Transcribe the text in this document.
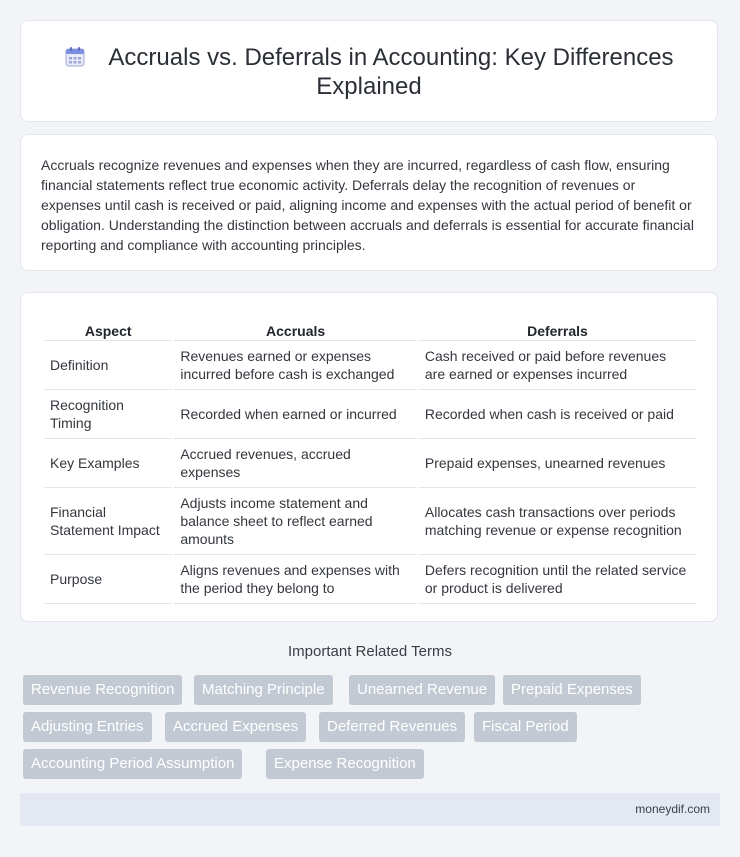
Accruals vs. Deferrals in Accounting: Key Differences
Explained

Accruals recognize revenues and expenses when they are incurred, regardless of cash flow, ensuring financial statements reflect true economic activity. Deferrals delay the recognition of revenues or expenses until cash is received or paid, aligning income and expenses with the actual period of benefit or obligation. Understanding the distinction between accruals and deferrals is essential for accurate financial reporting and compliance with accounting principles.

Aspect	Accruals	Deferrals
Definition	Revenues earned or expenses incurred before cash is exchanged	Cash received or paid before revenues are earned or expenses incurred
Recognition Timing	Recorded when earned or incurred	Recorded when cash is received or paid
Key Examples	Accrued revenues, accrued expenses	Prepaid expenses, unearned revenues
Financial Statement Impact	Adjusts income statement and balance sheet to reflect earned amounts	Allocates cash transactions over periods matching revenue or expense recognition
Purpose	Aligns revenues and expenses with the period they belong to	Defers recognition until the related service or product is delivered
Important Related Terms
Revenue Recognition	Matching Principle	Unearned Revenue	Prepaid Expenses
Adjusting Entries	Accrued Expenses	Deferred Revenues	Fiscal Period
Accounting Period Assumption	Expense Recognition
moneydif.com
